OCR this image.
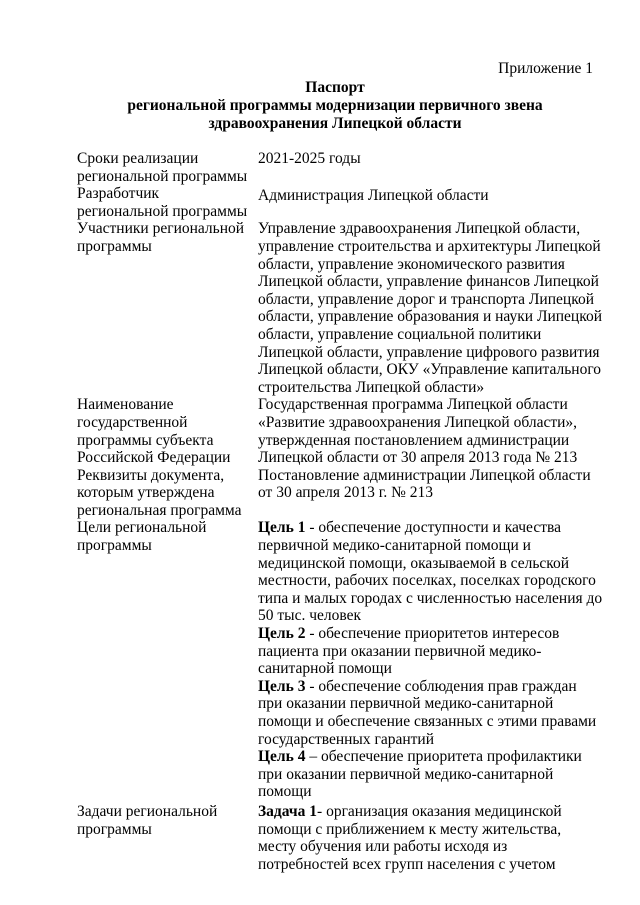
Приложение 1
Паспорт
региональной программы модернизации первичного звена
здравоохранения Липецкой области
Сроки реализации
региональной программы
2021-2025 годы
Разработчик
региональной программы
Администрация Липецкой области
Участники региональной
программы
Управление здравоохранения Липецкой области,
управление строительства и архитектуры Липецкой
области, управление экономического развития
Липецкой области, управление финансов Липецкой
области, управление дорог и транспорта Липецкой
области, управление образования и науки Липецкой
области, управление социальной политики
Липецкой области, управление цифрового развития
Липецкой области, ОКУ «Управление капитального
строительства Липецкой области»
Наименование
государственной
программы субъекта
Российской Федерации
Государственная программа Липецкой области
«Развитие здравоохранения Липецкой области»,
утвержденная постановлением администрации
Липецкой области от 30 апреля 2013 года № 213
Реквизиты документа,
которым утверждена
региональная программа
Постановление администрации Липецкой области
от 30 апреля 2013 г. № 213
Цели региональной
программы
Цель 1 - обеспечение доступности и качества
первичной медико-санитарной помощи и
медицинской помощи, оказываемой в сельской
местности, рабочих поселках, поселках городского
типа и малых городах с численностью населения до
50 тыс. человек
Цель 2 - обеспечение приоритетов интересов
пациента при оказании первичной медико-
санитарной помощи
Цель 3 - обеспечение соблюдения прав граждан
при оказании первичной медико-санитарной
помощи и обеспечение связанных с этими правами
государственных гарантий
Цель 4 – обеспечение приоритета профилактики
при оказании первичной медико-санитарной
помощи
Задачи региональной
программы
Задача 1- организация оказания медицинской
помощи с приближением к месту жительства,
месту обучения или работы исходя из
потребностей всех групп населения с учетом
